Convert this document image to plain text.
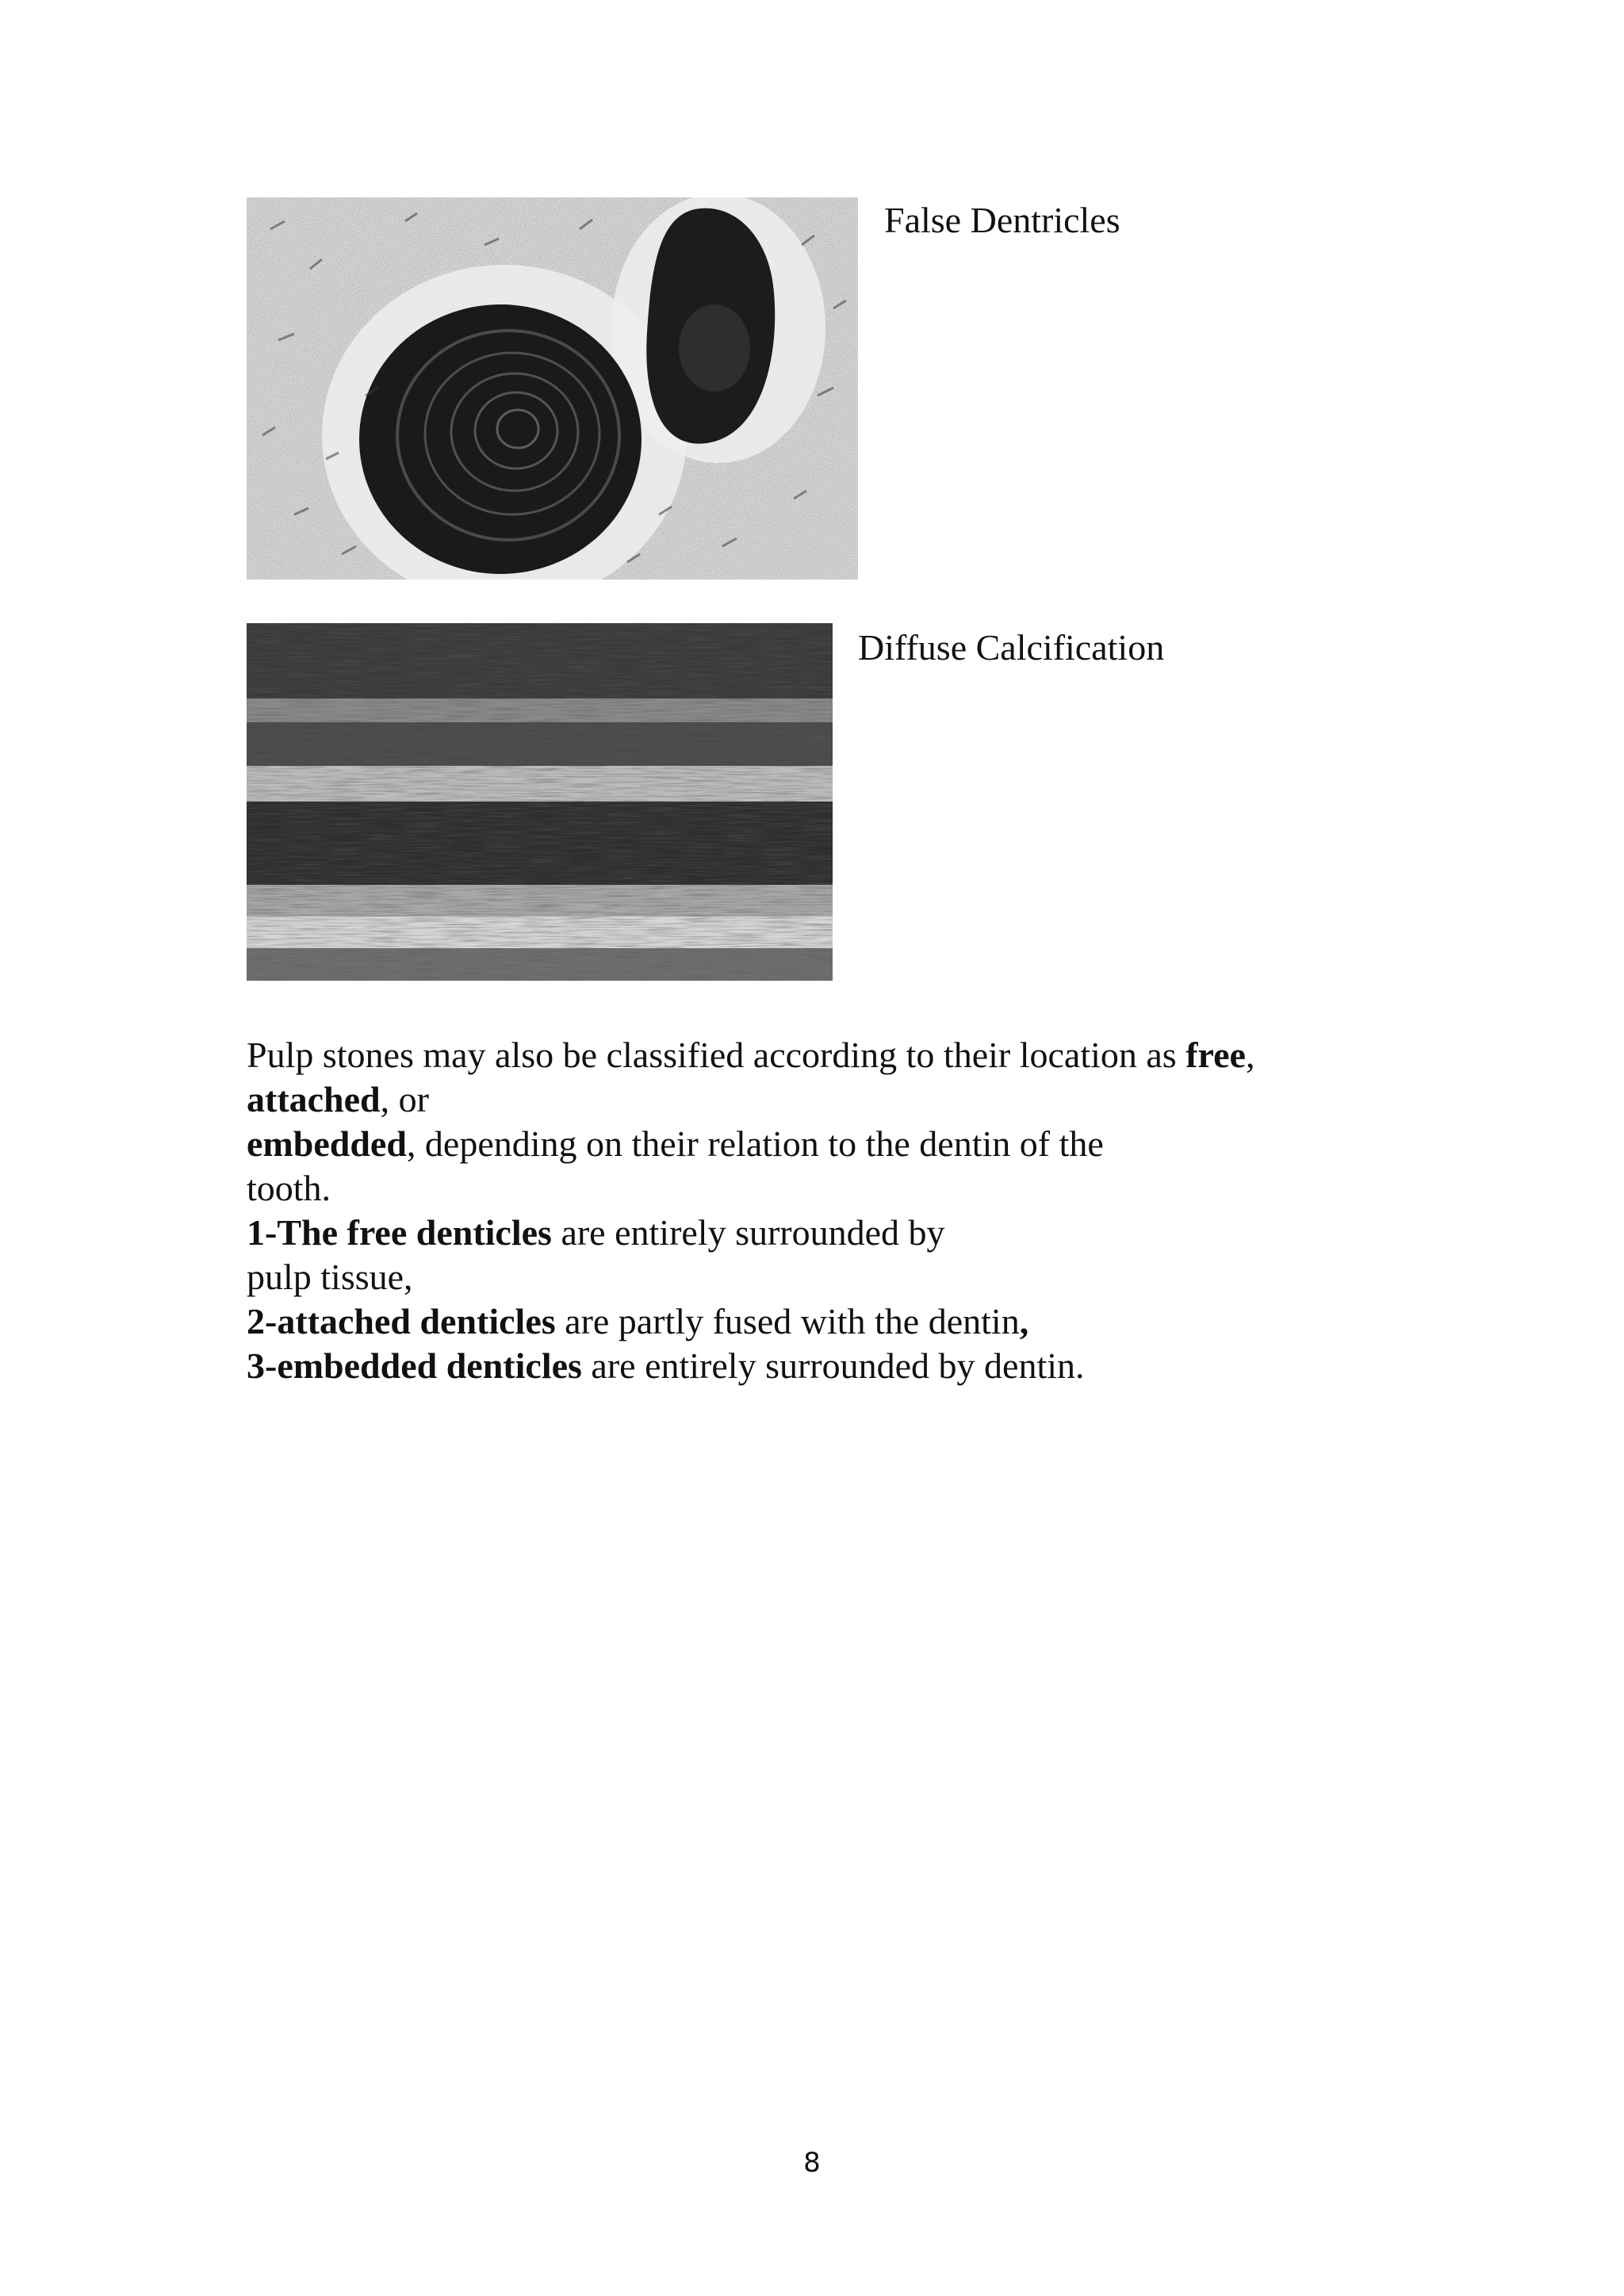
False Dentricles
Diffuse Calcification
Pulp stones may also be classified according to their location as free,
attached, or
embedded, depending on their relation to the dentin of the
tooth.
1-The free denticles are entirely surrounded by
pulp tissue,
2-attached denticles are partly fused with the dentin,
3-embedded denticles are entirely surrounded by dentin.
8
